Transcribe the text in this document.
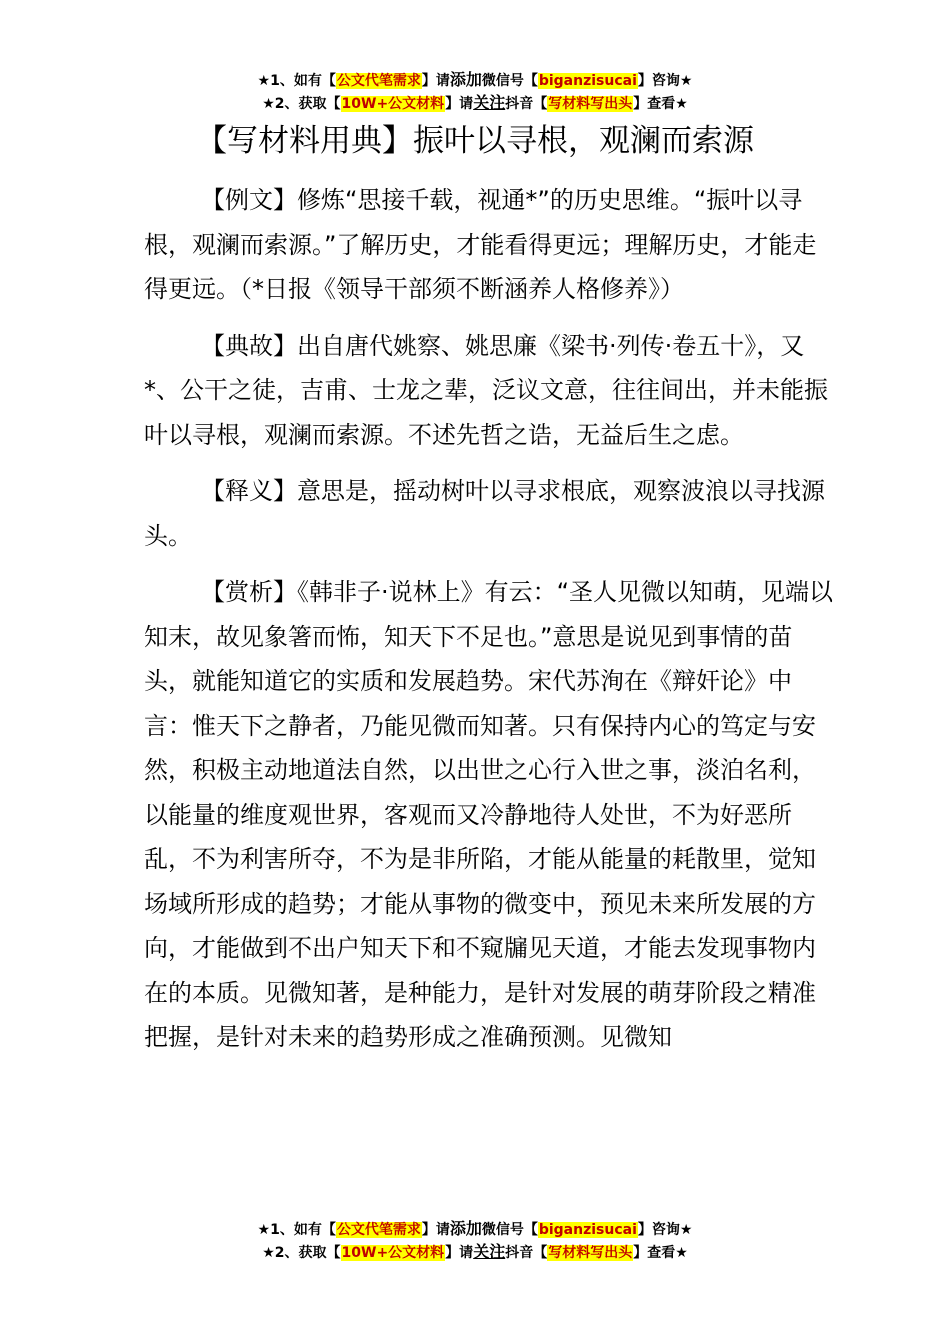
★1、如有【公文代笔需求】请添加微信号【biganzisucai】咨询★
★2、获取【10W+公文材料】请关注抖音【写材料写出头】查看★
【写材料用典】振叶以寻根，观澜而索源

【例文】修炼“思接千载，视通*”的历史思维。“振叶以寻根，观澜而索源。”了解历史，才能看得更远；理解历史，才能走得更远。（*日报《领导干部须不断涵养人格修养》）

【典故】出自唐代姚察、姚思廉《梁书·列传·卷五十》，又*、公干之徒，吉甫、士龙之辈，泛议文意，往往间出，并未能振叶以寻根，观澜而索源。不述先哲之诰，无益后生之虑。

【释义】意思是，摇动树叶以寻求根底，观察波浪以寻找源头。

【赏析】《韩非子·说林上》有云：“圣人见微以知萌，见端以知末，故见象箸而怖，知天下不足也。”意思是说见到事情的苗头，就能知道它的实质和发展趋势。宋代苏洵在《辩奸论》中言：惟天下之静者，乃能见微而知著。只有保持内心的笃定与安然，积极主动地道法自然，以出世之心行入世之事，淡泊名利，以能量的维度观世界，客观而又冷静地待人处世，不为好恶所乱，不为利害所夺，不为是非所陷，才能从能量的耗散里，觉知场域所形成的趋势；才能从事物的微变中，预见未来所发展的方向，才能做到不出户知天下和不窥牖见天道，才能去发现事物内在的本质。见微知著，是种能力，是针对发展的萌芽阶段之精准把握，是针对未来的趋势形成之准确预测。见微知

★1、如有【公文代笔需求】请添加微信号【biganzisucai】咨询★
★2、获取【10W+公文材料】请关注抖音【写材料写出头】查看★
